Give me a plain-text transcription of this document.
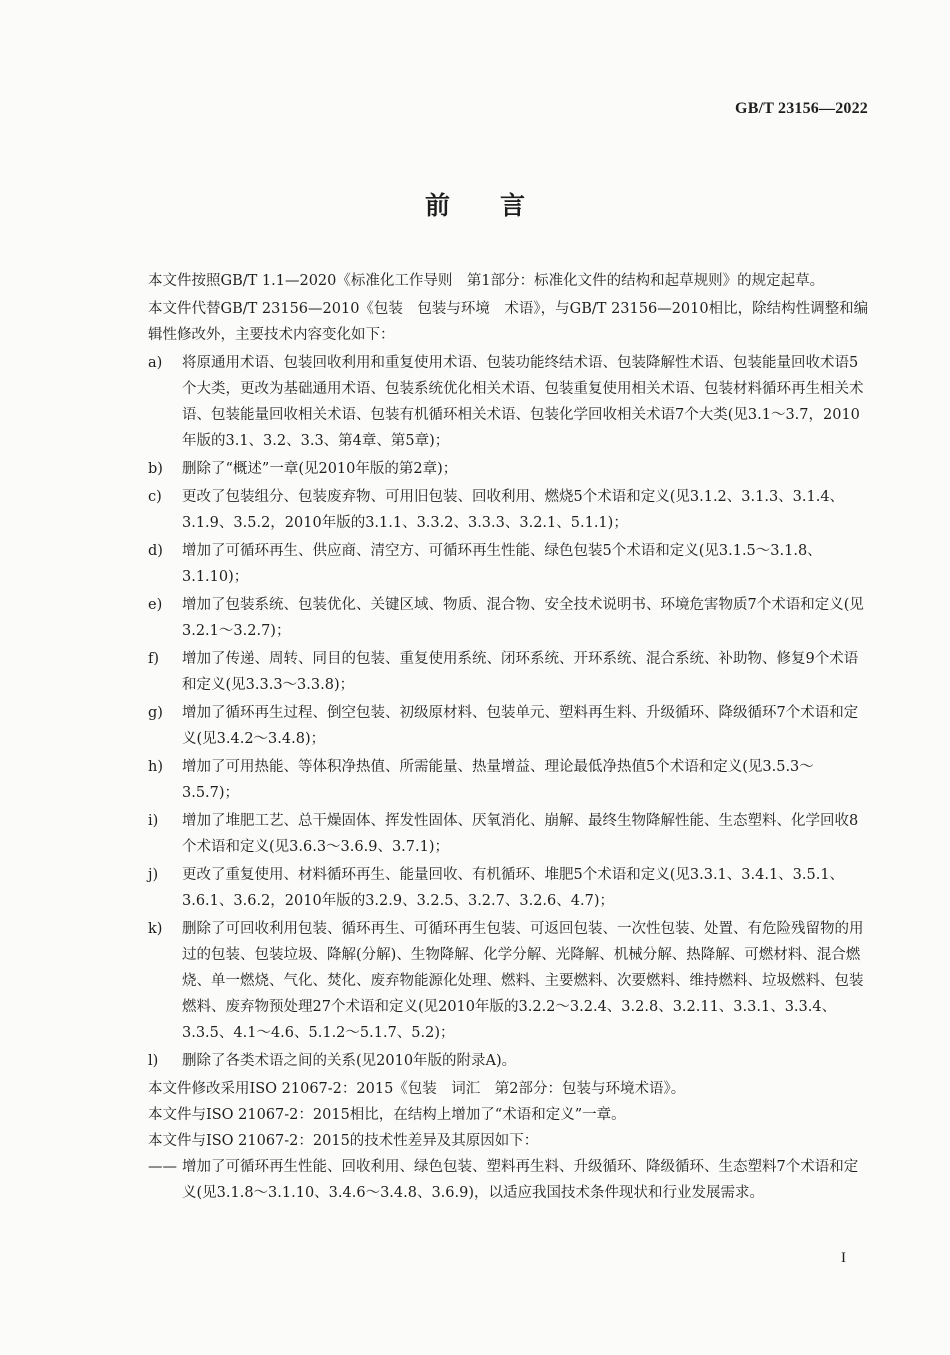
GB/T 23156—2022
前言

本文件按照GB/T 1.1—2020《标准化工作导则　第1部分：标准化文件的结构和起草规则》的规定起草。

本文件代替GB/T 23156—2010《包装　包装与环境　术语》，与GB/T 23156—2010相比，除结构性调整和编辑性修改外，主要技术内容变化如下：

a)	将原通用术语、包装回收利用和重复使用术语、包装功能终结术语、包装降解性术语、包装能量回收术语5个大类，更改为基础通用术语、包装系统优化相关术语、包装重复使用相关术语、包装材料循环再生相关术语、包装能量回收相关术语、包装有机循环相关术语、包装化学回收相关术语7个大类(见3.1～3.7，2010年版的3.1、3.2、3.3、第4章、第5章)；
b)	删除了“概述”一章(见2010年版的第2章)；
c)	更改了包装组分、包装废弃物、可用旧包装、回收利用、燃烧5个术语和定义(见3.1.2、3.1.3、3.1.4、3.1.9、3.5.2，2010年版的3.1.1、3.3.2、3.3.3、3.2.1、5.1.1)；
d)	增加了可循环再生、供应商、清空方、可循环再生性能、绿色包装5个术语和定义(见3.1.5～3.1.8、3.1.10)；
e)	增加了包装系统、包装优化、关键区域、物质、混合物、安全技术说明书、环境危害物质7个术语和定义(见3.2.1～3.2.7)；
f)	增加了传递、周转、同目的包装、重复使用系统、闭环系统、开环系统、混合系统、补助物、修复9个术语和定义(见3.3.3～3.3.8)；
g)	增加了循环再生过程、倒空包装、初级原材料、包装单元、塑料再生料、升级循环、降级循环7个术语和定义(见3.4.2～3.4.8)；
h)	增加了可用热能、等体积净热值、所需能量、热量增益、理论最低净热值5个术语和定义(见3.5.3～3.5.7)；
i)	增加了堆肥工艺、总干燥固体、挥发性固体、厌氧消化、崩解、最终生物降解性能、生态塑料、化学回收8个术语和定义(见3.6.3～3.6.9、3.7.1)；
j)	更改了重复使用、材料循环再生、能量回收、有机循环、堆肥5个术语和定义(见3.3.1、3.4.1、3.5.1、3.6.1、3.6.2，2010年版的3.2.9、3.2.5、3.2.7、3.2.6、4.7)；
k)	删除了可回收利用包装、循环再生、可循环再生包装、可返回包装、一次性包装、处置、有危险残留物的用过的包装、包装垃圾、降解(分解)、生物降解、化学分解、光降解、机械分解、热降解、可燃材料、混合燃烧、单一燃烧、气化、焚化、废弃物能源化处理、燃料、主要燃料、次要燃料、维持燃料、垃圾燃料、包装燃料、废弃物预处理27个术语和定义(见2010年版的3.2.2～3.2.4、3.2.8、3.2.11、3.3.1、3.3.4、3.3.5、4.1～4.6、5.1.2～5.1.7、5.2)；
l)	删除了各类术语之间的关系(见2010年版的附录A)。

本文件修改采用ISO 21067-2：2015《包装　词汇　第2部分：包装与环境术语》。

本文件与ISO 21067-2：2015相比，在结构上增加了“术语和定义”一章。

本文件与ISO 21067-2：2015的技术性差异及其原因如下：

—— 增加了可循环再生性能、回收利用、绿色包装、塑料再生料、升级循环、降级循环、生态塑料7个术语和定义(见3.1.8～3.1.10、3.4.6～3.4.8、3.6.9)，以适应我国技术条件现状和行业发展需求。
I
